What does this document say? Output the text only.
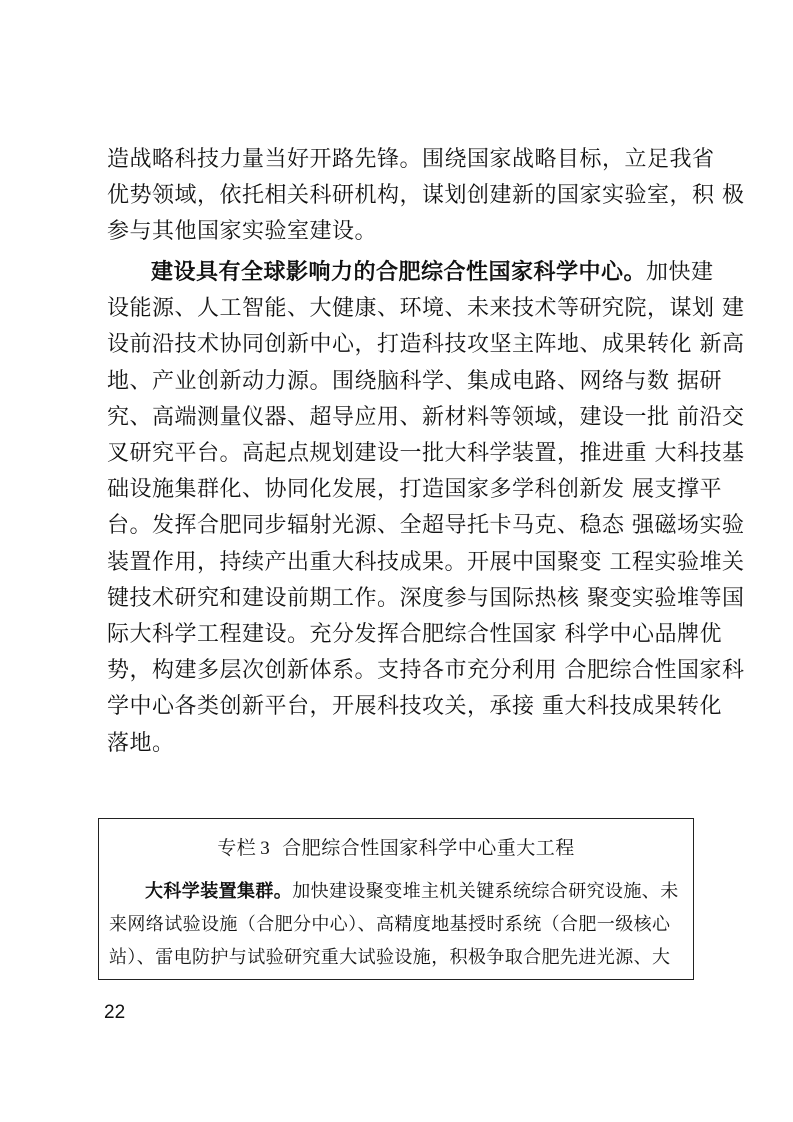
造战略科技力量当好开路先锋。围绕国家战略目标，立足我省
优势领域，依托相关科研机构，谋划创建新的国家实验室，积 极
参与其他国家实验室建设。
建设具有全球影响力的合肥综合性国家科学中心。加快建
设能源、人工智能、大健康、环境、未来技术等研究院，谋划 建
设前沿技术协同创新中心，打造科技攻坚主阵地、成果转化 新高
地、产业创新动力源。围绕脑科学、集成电路、网络与数 据研
究、高端测量仪器、超导应用、新材料等领域，建设一批 前沿交
叉研究平台。高起点规划建设一批大科学装置，推进重 大科技基
础设施集群化、协同化发展，打造国家多学科创新发 展支撑平
台。发挥合肥同步辐射光源、全超导托卡马克、稳态 强磁场实验
装置作用，持续产出重大科技成果。开展中国聚变 工程实验堆关
键技术研究和建设前期工作。深度参与国际热核 聚变实验堆等国
际大科学工程建设。充分发挥合肥综合性国家 科学中心品牌优
势，构建多层次创新体系。支持各市充分利用 合肥综合性国家科
学中心各类创新平台，开展科技攻关，承接 重大科技成果转化
落地。
专栏 3 合肥综合性国家科学中心重大工程
大科学装置集群。加快建设聚变堆主机关键系统综合研究设施、未
来网络试验设施（合肥分中心）、高精度地基授时系统（合肥一级核心
站）、雷电防护与试验研究重大试验设施，积极争取合肥先进光源、大
22
